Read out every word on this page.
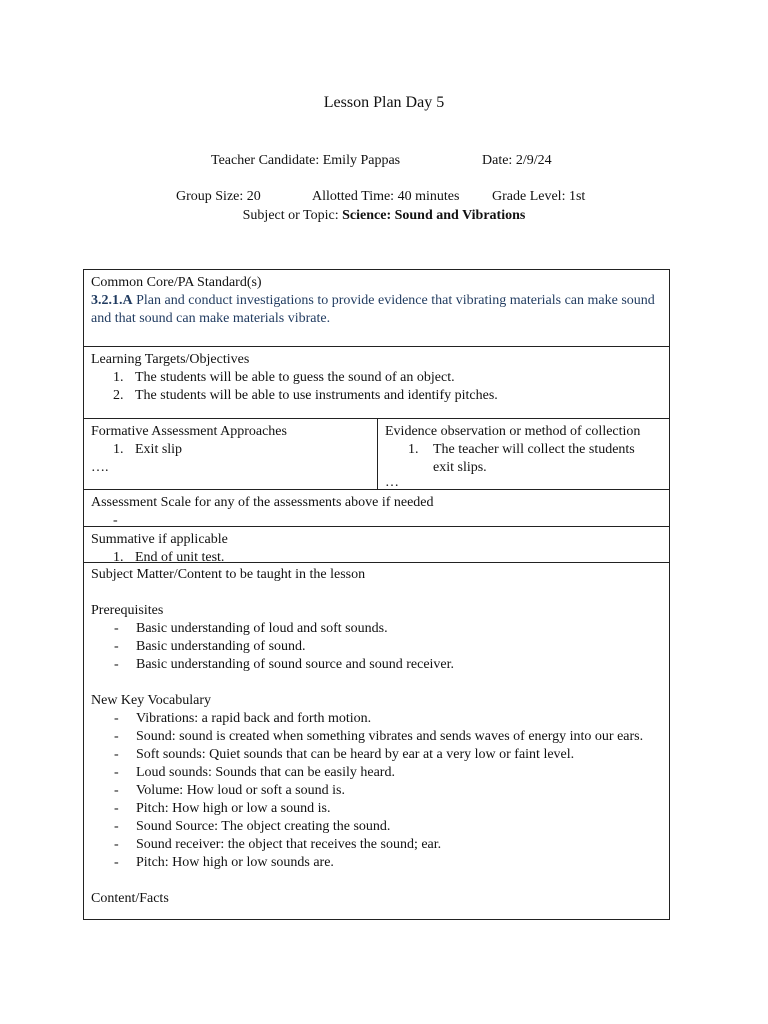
Lesson Plan Day 5
Teacher Candidate: Emily Pappas	Date: 2/9/24
Group Size: 20	Allotted Time: 40 minutes Grade Level: 1st
Subject or Topic: Science: Sound and Vibrations
Common Core/PA Standard(s)
3.2.1.A Plan and conduct investigations to provide evidence that vibrating materials can make sound and that sound can make materials vibrate.
Learning Targets/Objectives
1. The students will be able to guess the sound of an object.
2. The students will be able to use instruments and identify pitches.
Formative Assessment Approaches
1. Exit slip
….
Evidence observation or method of collection
1. The teacher will collect the students exit slips.
…
Assessment Scale for any of the assessments above if needed
-
Summative if applicable
1. End of unit test.
Subject Matter/Content to be taught in the lesson
Prerequisites
- Basic understanding of loud and soft sounds.
- Basic understanding of sound.
- Basic understanding of sound source and sound receiver.
New Key Vocabulary
- Vibrations: a rapid back and forth motion.
- Sound: sound is created when something vibrates and sends waves of energy into our ears.
- Soft sounds: Quiet sounds that can be heard by ear at a very low or faint level.
- Loud sounds: Sounds that can be easily heard.
- Volume: How loud or soft a sound is.
- Pitch: How high or low a sound is.
- Sound Source: The object creating the sound.
- Sound receiver: the object that receives the sound; ear.
- Pitch: How high or low sounds are.
Content/Facts
